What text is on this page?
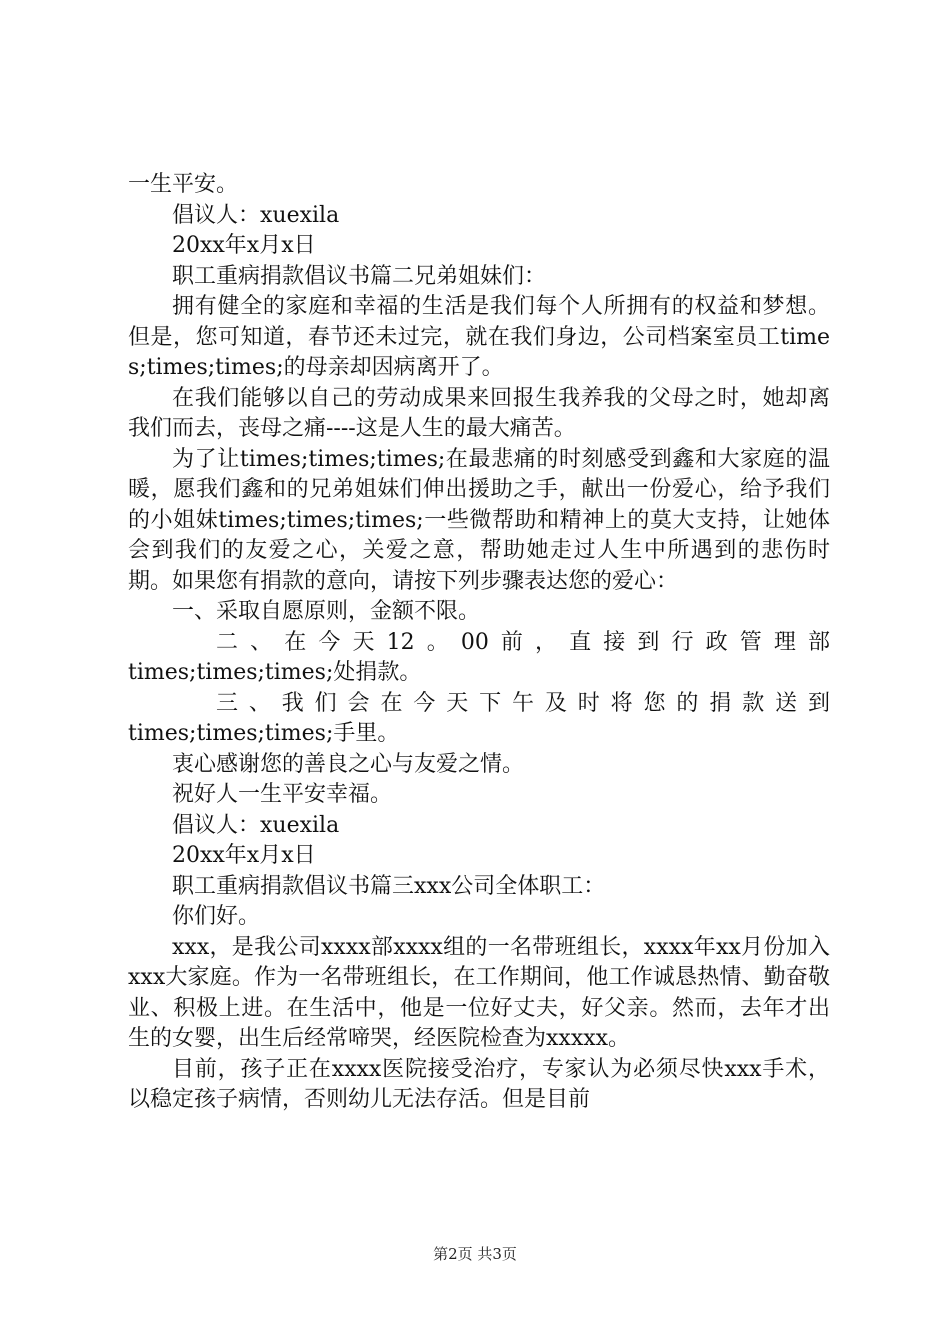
一生平安。

倡议人：xuexila

20xx年x月x日

职工重病捐款倡议书篇二兄弟姐妹们：

拥有健全的家庭和幸福的生活是我们每个人所拥有的权益和梦想。但是，您可知道，春节还未过完，就在我们身边，公司档案室员工times;times;times;的母亲却因病离开了。

在我们能够以自己的劳动成果来回报生我养我的父母之时，她却离我们而去，丧母之痛----这是人生的最大痛苦。

为了让times;times;times;在最悲痛的时刻感受到鑫和大家庭的温暖，愿我们鑫和的兄弟姐妹们伸出援助之手，献出一份爱心，给予我们的小姐妹times;times;times;一些微帮助和精神上的莫大支持，让她体会到我们的友爱之心，关爱之意，帮助她走过人生中所遇到的悲伤时期。如果您有捐款的意向，请按下列步骤表达您的爱心：

一、采取自愿原则，金额不限。

二、在今天12。00前，直接到行政管理部

times;times;times;处捐款。

三、我们会在今天下午及时将您的捐款送到

times;times;times;手里。

衷心感谢您的善良之心与友爱之情。

祝好人一生平安幸福。

倡议人：xuexila

20xx年x月x日

职工重病捐款倡议书篇三xxx公司全体职工：

你们好。

xxx，是我公司xxxx部xxxx组的一名带班组长，xxxx年xx月份加入xxx大家庭。作为一名带班组长，在工作期间，他工作诚恳热情、勤奋敬业、积极上进。在生活中，他是一位好丈夫，好父亲。然而，去年才出生的女婴，出生后经常啼哭，经医院检查为xxxxx。

目前，孩子正在xxxx医院接受治疗，专家认为必须尽快xxx手术，以稳定孩子病情，否则幼儿无法存活。但是目前

第2页 共3页
